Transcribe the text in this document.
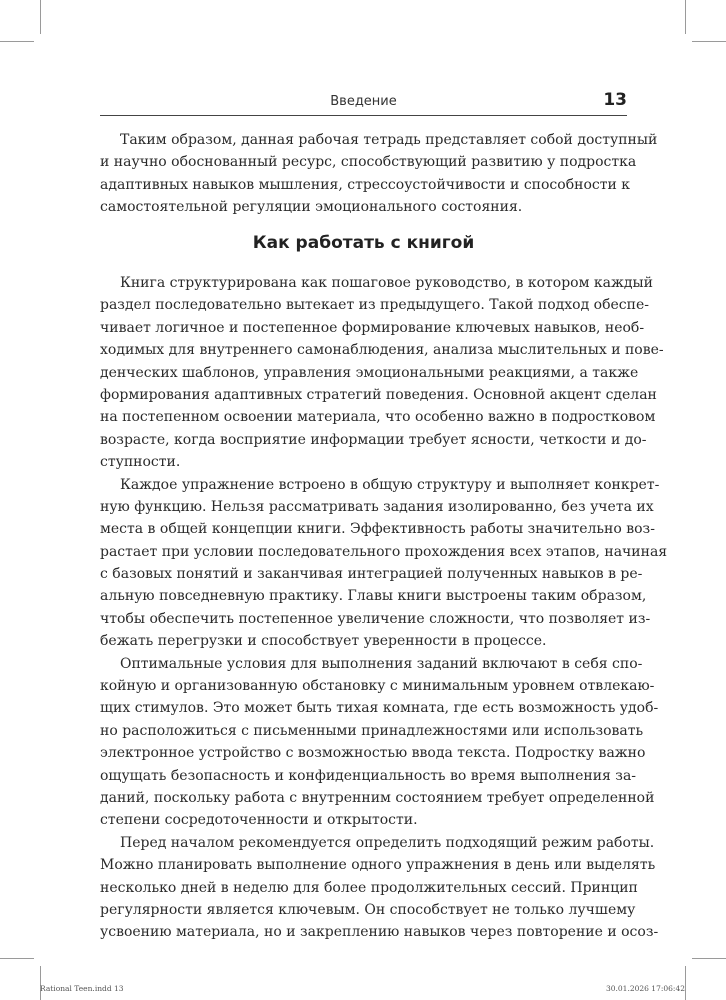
Введение	13
Таким образом, данная рабочая тетрадь представляет собой доступный
и научно обоснованный ресурс, способствующий развитию у подростка
адаптивных навыков мышления, стрессоустойчивости и способности к
самостоятельной регуляции эмоционального состояния.
Как работать с книгой
Книга структурирована как пошаговое руководство, в котором каждый
раздел последовательно вытекает из предыдущего. Такой подход обеспе-
чивает логичное и постепенное формирование ключевых навыков, необ-
ходимых для внутреннего самонаблюдения, анализа мыслительных и пове-
денческих шаблонов, управления эмоциональными реакциями, а также
формирования адаптивных стратегий поведения. Основной акцент сделан
на постепенном освоении материала, что особенно важно в подростковом
возрасте, когда восприятие информации требует ясности, четкости и до-
ступности.
Каждое упражнение встроено в общую структуру и выполняет конкрет-
ную функцию. Нельзя рассматривать задания изолированно, без учета их
места в общей концепции книги. Эффективность работы значительно воз-
растает при условии последовательного прохождения всех этапов, начиная
с базовых понятий и заканчивая интеграцией полученных навыков в ре-
альную повседневную практику. Главы книги выстроены таким образом,
чтобы обеспечить постепенное увеличение сложности, что позволяет из-
бежать перегрузки и способствует уверенности в процессе.
Оптимальные условия для выполнения заданий включают в себя спо-
койную и организованную обстановку с минимальным уровнем отвлекаю-
щих стимулов. Это может быть тихая комната, где есть возможность удоб-
но расположиться с письменными принадлежностями или использовать
электронное устройство с возможностью ввода текста. Подростку важно
ощущать безопасность и конфиденциальность во время выполнения за-
даний, поскольку работа с внутренним состоянием требует определенной
степени сосредоточенности и открытости.
Перед началом рекомендуется определить подходящий режим работы.
Можно планировать выполнение одного упражнения в день или выделять
несколько дней в неделю для более продолжительных сессий. Принцип
регулярности является ключевым. Он способствует не только лучшему
усвоению материала, но и закреплению навыков через повторение и осоз-
Rational Teen.indd 13	30.01.2026 17:06:42
